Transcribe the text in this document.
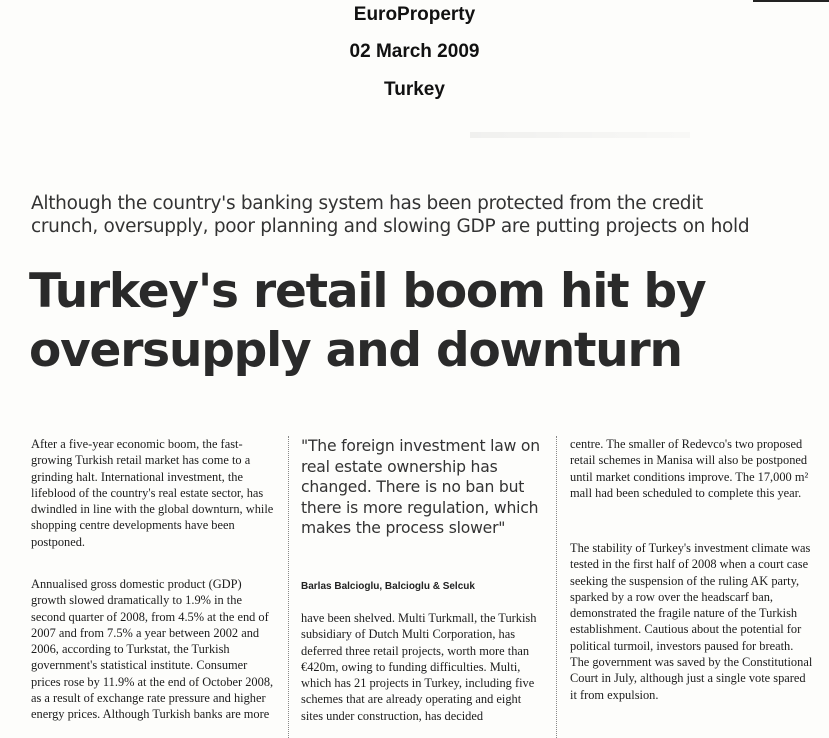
EuroProperty
02 March 2009
Turkey
Although the country's banking system has been protected from the credit
crunch, oversupply, poor planning and slowing GDP are putting projects on hold
Turkey's retail boom hit by
oversupply and downturn

After a five-year economic boom, the fast-growing Turkish retail market has come to a grinding halt. International investment, the lifeblood of the country's real estate sector, has dwindled in line with the global downturn, while shopping centre developments have been postponed.

Annualised gross domestic product (GDP) growth slowed dramatically to 1.9% in the second quarter of 2008, from 4.5% at the end of 2007 and from 7.5% a year between 2002 and 2006, according to Turkstat, the Turkish government's statistical institute. Consumer prices rose by 11.9% at the end of October 2008, as a result of exchange rate pressure and higher energy prices. Although Turkish banks are more

"The foreign investment law on real estate ownership has changed. There is no ban but there is more regulation, which makes the process slower"
Barlas Balcioglu, Balcioglu & Selcuk

have been shelved. Multi Turkmall, the Turkish subsidiary of Dutch Multi Corporation, has deferred three retail projects, worth more than €420m, owing to funding difficulties. Multi, which has 21 projects in Turkey, including five schemes that are already operating and eight sites under construction, has decided

centre. The smaller of Redevco's two proposed retail schemes in Manisa will also be postponed until market conditions improve. The 17,000 m² mall had been scheduled to complete this year.

The stability of Turkey's investment climate was tested in the first half of 2008 when a court case seeking the suspension of the ruling AK party, sparked by a row over the headscarf ban, demonstrated the fragile nature of the Turkish establishment. Cautious about the potential for political turmoil, investors paused for breath. The government was saved by the Constitutional Court in July, although just a single vote spared it from expulsion.
